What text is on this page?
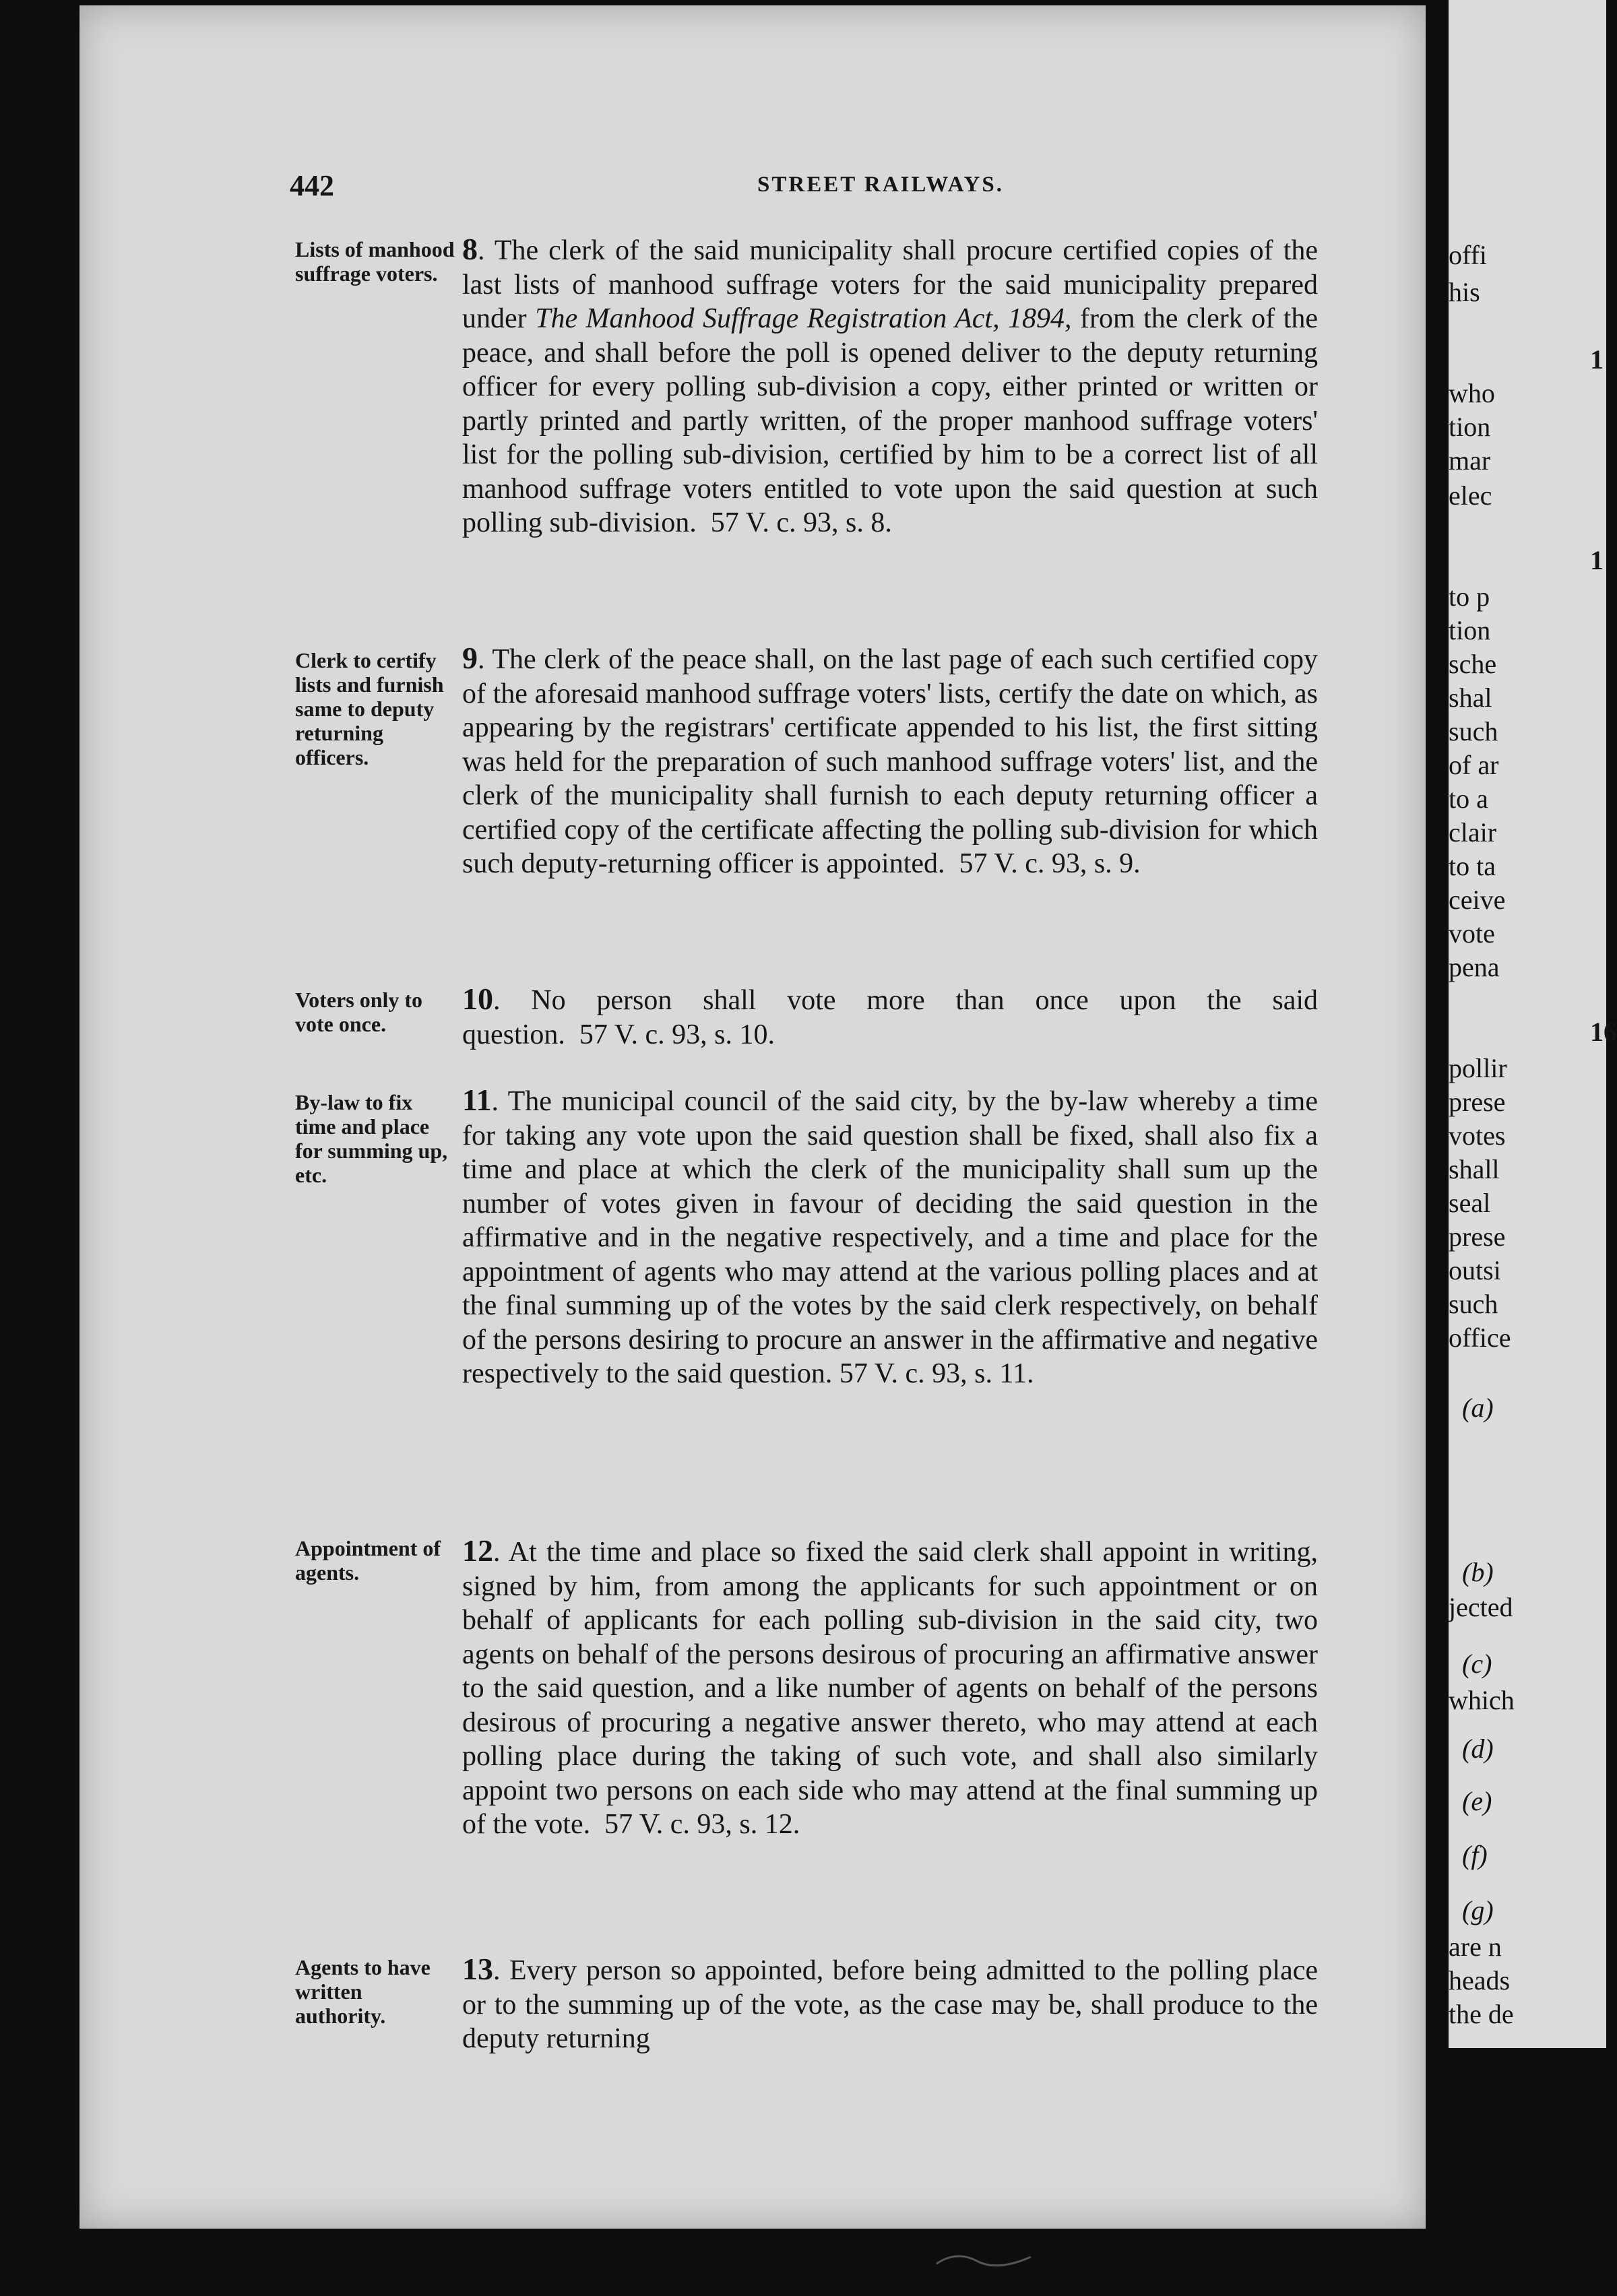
offi
his
1
who
tion
mar
elec
1
to p
tion
sche
shal
such
of ar
to a
clair
to ta
ceive
vote
pena
16
pollir
prese
votes
shall
seal
prese
outsi
such
office
(a)
(b)
jected
(c)
which
(d)
(e)
(f)
(g)
are n
heads
the de
442	STREET RAILWAYS.
Lists of manhood suffrage voters.
8. The clerk of the said municipality shall procure certified copies of the last lists of manhood suffrage voters for the said municipality prepared under The Manhood Suffrage Registration Act, 1894, from the clerk of the peace, and shall before the poll is opened deliver to the deputy returning officer for every polling sub-division a copy, either printed or written or partly printed and partly written, of the proper manhood suffrage voters' list for the polling sub-division, certified by him to be a correct list of all manhood suffrage voters entitled to vote upon the said question at such polling sub-division. 57 V. c. 93, s. 8.
Clerk to certify lists and furnish same to deputy returning officers.
9. The clerk of the peace shall, on the last page of each such certified copy of the aforesaid manhood suffrage voters' lists, certify the date on which, as appearing by the registrars' certificate appended to his list, the first sitting was held for the preparation of such manhood suffrage voters' list, and the clerk of the municipality shall furnish to each deputy returning officer a certified copy of the certificate affecting the polling sub-division for which such deputy-returning officer is appointed. 57 V. c. 93, s. 9.
Voters only to vote once.
10. No person shall vote more than once upon the said question. 57 V. c. 93, s. 10.
By-law to fix time and place for summing up, etc.
11. The municipal council of the said city, by the by-law whereby a time for taking any vote upon the said question shall be fixed, shall also fix a time and place at which the clerk of the municipality shall sum up the number of votes given in favour of deciding the said question in the affirmative and in the negative respectively, and a time and place for the appointment of agents who may attend at the various polling places and at the final summing up of the votes by the said clerk respectively, on behalf of the persons desiring to procure an answer in the affirmative and negative respectively to the said question. 57 V. c. 93, s. 11.
Appointment of agents.
12. At the time and place so fixed the said clerk shall appoint in writing, signed by him, from among the applicants for such appointment or on behalf of applicants for each polling sub-division in the said city, two agents on behalf of the persons desirous of procuring an affirmative answer to the said question, and a like number of agents on behalf of the persons desirous of procuring a negative answer thereto, who may attend at each polling place during the taking of such vote, and shall also similarly appoint two persons on each side who may attend at the final summing up of the vote. 57 V. c. 93, s. 12.
Agents to have written authority.
13. Every person so appointed, before being admitted to the polling place or to the summing up of the vote, as the case may be, shall produce to the deputy returning
